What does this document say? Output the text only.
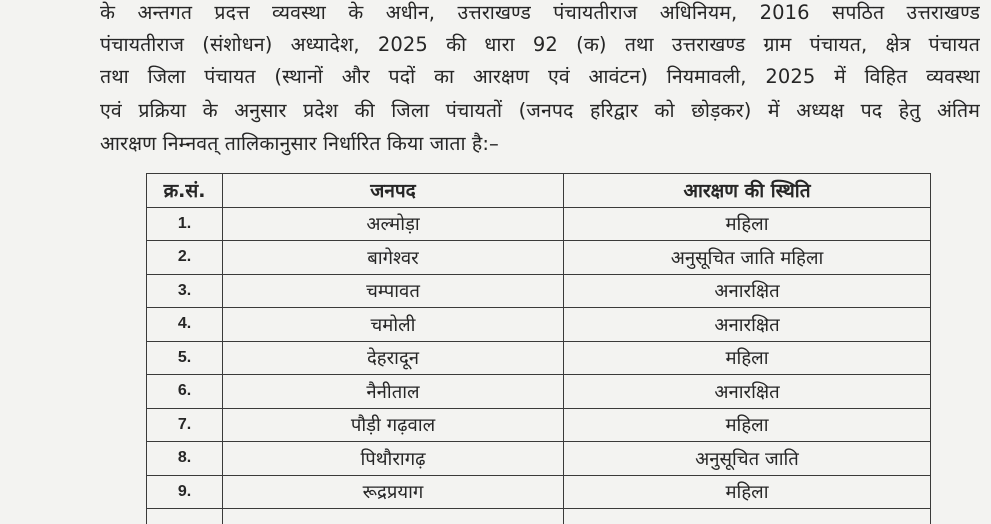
के अन्तगत प्रदत्त व्यवस्था के अधीन, उत्तराखण्ड पंचायतीराज अधिनियम, 2016 सपठित उत्तराखण्ड
पंचायतीराज (संशोधन) अध्यादेश, 2025 की धारा 92 (क) तथा उत्तराखण्ड ग्राम पंचायत, क्षेत्र पंचायत
तथा जिला पंचायत (स्थानों और पदों का आरक्षण एवं आवंटन) नियमावली, 2025 में विहित व्यवस्था
एवं प्रक्रिया के अनुसार प्रदेश की जिला पंचायतों (जनपद हरिद्वार को छोड़कर) में अध्यक्ष पद हेतु अंतिम
आरक्षण निम्नवत् तालिकानुसार निर्धारित किया जाता है:–
क्र.सं.	जनपद	आरक्षण की स्थिति
1.	अल्मोड़ा	महिला
2.	बागेश्वर	अनुसूचित जाति महिला
3.	चम्पावत	अनारक्षित
4.	चमोली	अनारक्षित
5.	देहरादून	महिला
6.	नैनीताल	अनारक्षित
7.	पौड़ी गढ़वाल	महिला
8.	पिथौरागढ़	अनुसूचित जाति
9.	रूद्रप्रयाग	महिला
